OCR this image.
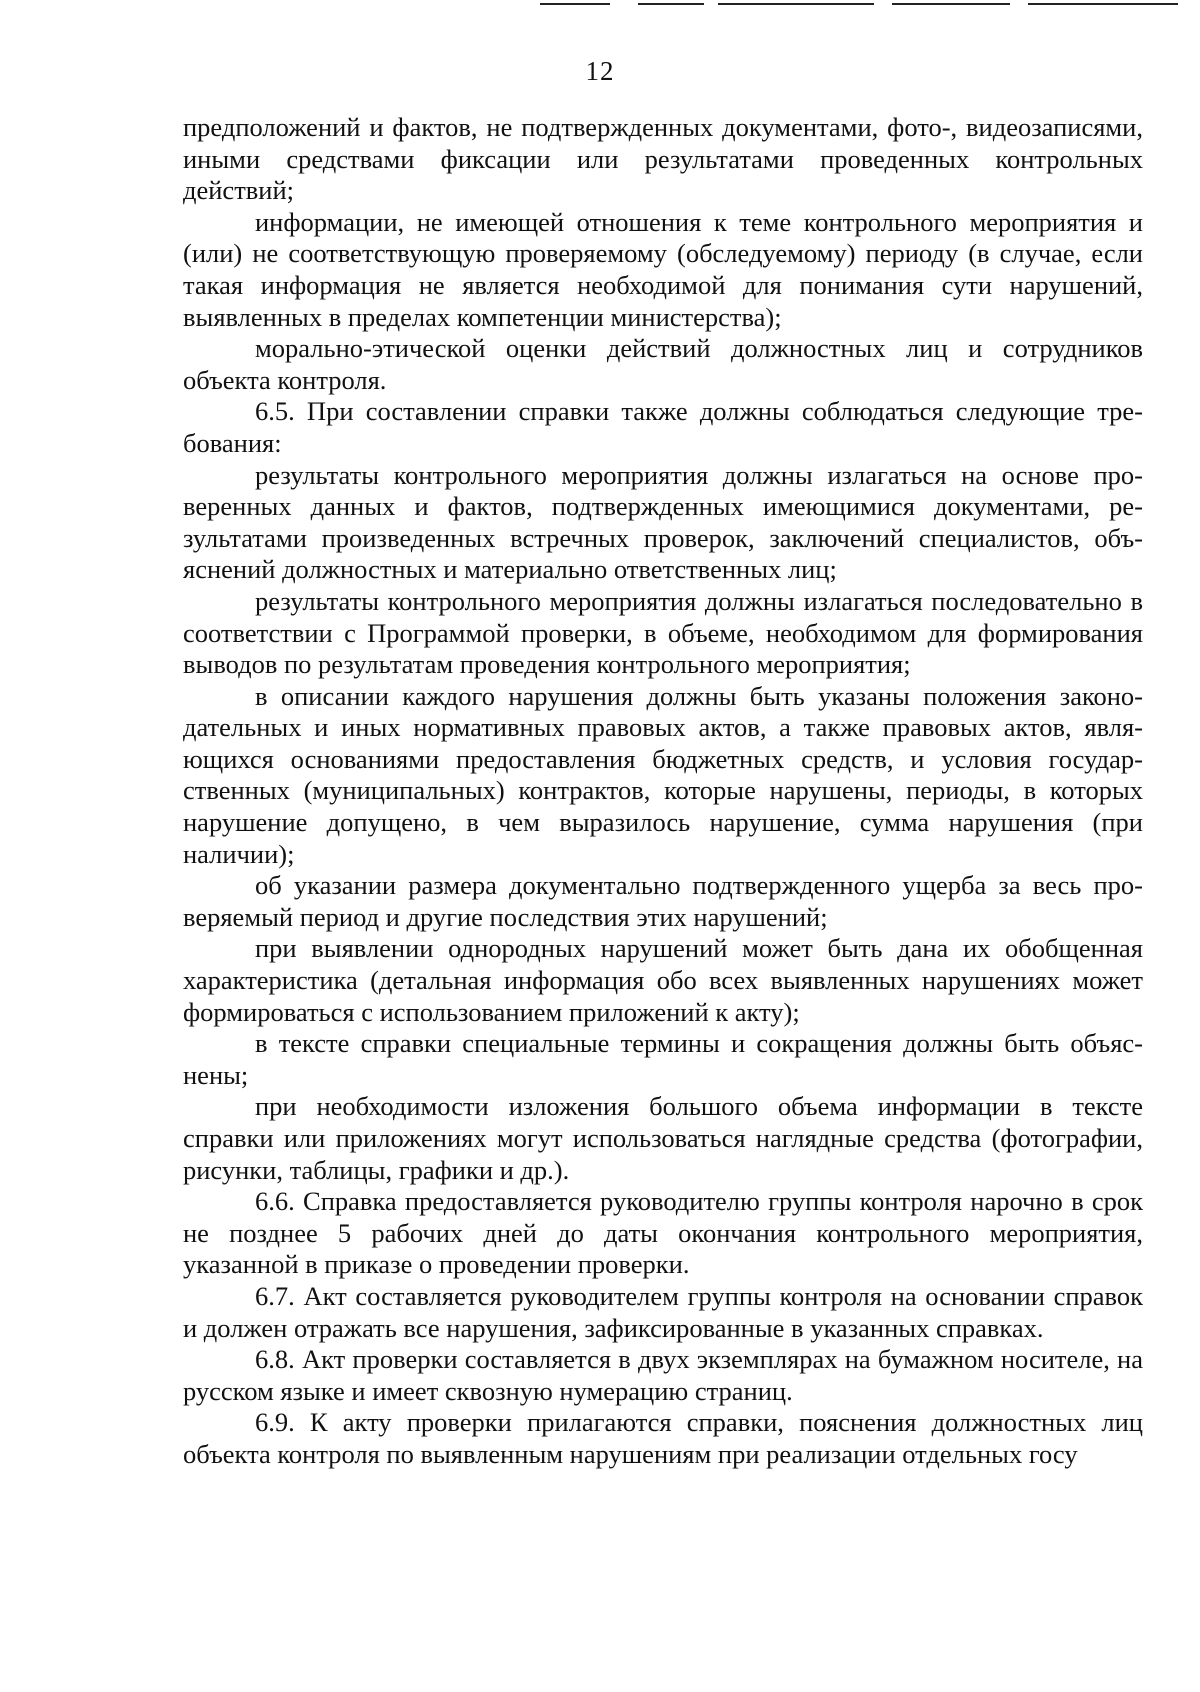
12

предположений и фактов, не подтвержденных документами, фото-, видеозаписями, иными средствами фиксации или результатами проведенных контрольных действий;

информации, не имеющей отношения к теме контрольного мероприятия и (или) не соответствующую проверяемому (обследуемому) периоду (в случае, если такая информация не является необходимой для понимания сути нарушений, выявленных в пределах компетенции министерства);

морально-этической оценки действий должностных лиц и сотрудников объекта контроля.

6.5. При составлении справки также должны соблюдаться следующие требования:

результаты контрольного мероприятия должны излагаться на основе проверенных данных и фактов, подтвержденных имеющимися документами, результатами произведенных встречных проверок, заключений специалистов, объяснений должностных и материально ответственных лиц;

результаты контрольного мероприятия должны излагаться последовательно в соответствии с Программой проверки, в объеме, необходимом для формирования выводов по результатам проведения контрольного мероприятия;

в описании каждого нарушения должны быть указаны положения законодательных и иных нормативных правовых актов, а также правовых актов, являющихся основаниями предоставления бюджетных средств, и условия государственных (муниципальных) контрактов, которые нарушены, периоды, в которых нарушение допущено, в чем выразилось нарушение, сумма нарушения (при наличии);

об указании размера документально подтвержденного ущерба за весь проверяемый период и другие последствия этих нарушений;

при выявлении однородных нарушений может быть дана их обобщенная характеристика (детальная информация обо всех выявленных нарушениях может формироваться с использованием приложений к акту);

в тексте справки специальные термины и сокращения должны быть объяснены;

при необходимости изложения большого объема информации в тексте справки или приложениях могут использоваться наглядные средства (фотографии, рисунки, таблицы, графики и др.).

6.6. Справка предоставляется руководителю группы контроля нарочно в срок не позднее 5 рабочих дней до даты окончания контрольного мероприятия, указанной в приказе о проведении проверки.

6.7. Акт составляется руководителем группы контроля на основании справок и должен отражать все нарушения, зафиксированные в указанных справках.

6.8. Акт проверки составляется в двух экземплярах на бумажном носителе, на русском языке и имеет сквозную нумерацию страниц.

6.9. К акту проверки прилагаются справки, пояснения должностных лиц объекта контроля по выявленным нарушениям при реализации отдельных госу
